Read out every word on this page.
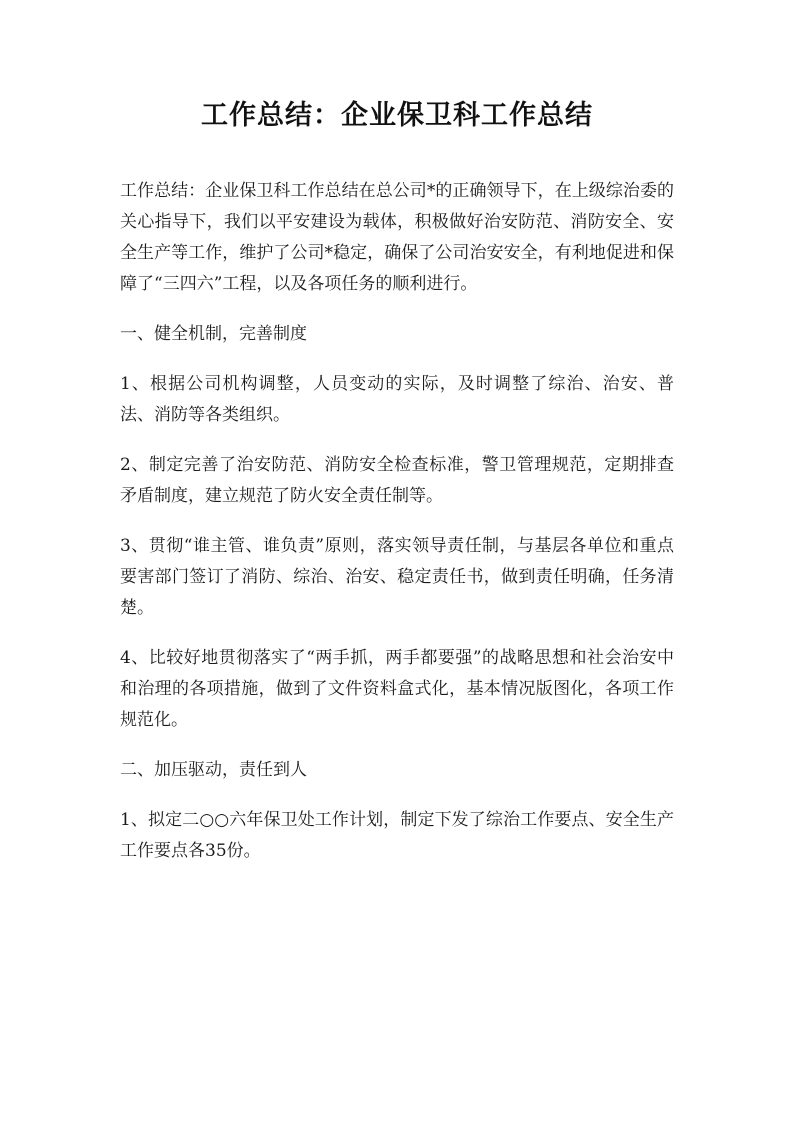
工作总结：企业保卫科工作总结

工作总结：企业保卫科工作总结在总公司*的正确领导下，在上级综治委的关心指导下，我们以平安建设为载体，积极做好治安防范、消防安全、安全生产等工作，维护了公司*稳定，确保了公司治安安全，有利地促进和保障了“三四六”工程，以及各项任务的顺利进行。

一、健全机制，完善制度

1、根据公司机构调整，人员变动的实际，及时调整了综治、治安、普法、消防等各类组织。

2、制定完善了治安防范、消防安全检查标准，警卫管理规范，定期排查矛盾制度，建立规范了防火安全责任制等。

3、贯彻“谁主管、谁负责”原则，落实领导责任制，与基层各单位和重点要害部门签订了消防、综治、治安、稳定责任书，做到责任明确，任务清楚。

4、比较好地贯彻落实了“两手抓，两手都要强”的战略思想和社会治安中和治理的各项措施，做到了文件资料盒式化，基本情况版图化，各项工作规范化。

二、加压驱动，责任到人

1、拟定二○○六年保卫处工作计划，制定下发了综治工作要点、安全生产工作要点各35份。
